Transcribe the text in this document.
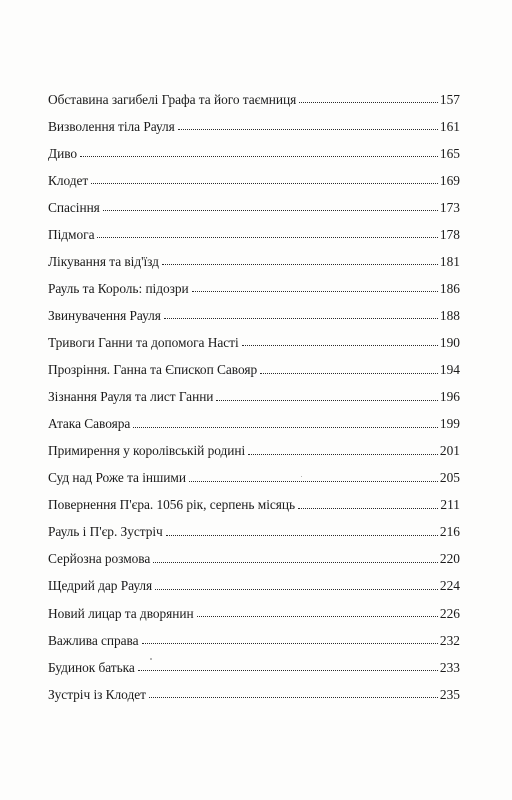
Обставина загибелі Графа та його таємниця	157
Визволення тіла Рауля	161
Диво	165
Клодет	169
Спасіння	173
Підмога	178
Лікування та від'їзд	181
Рауль та Король: підозри	186
Звинувачення Рауля	188
Тривоги Ганни та допомога Насті	190
Прозріння. Ганна та Єпископ Савояр	194
Зізнання Рауля та лист Ганни	196
Атака Савояра	199
Примирення у королівській родині	201
Суд над Роже та іншими	205
Повернення П'єра. 1056 рік, серпень місяць	211
Рауль і П'єр. Зустріч	216
Серйозна розмова	220
Щедрий дар Рауля	224
Новий лицар та дворянин	226
Важлива справа	232
Будинок батька	233
Зустріч із Клодет	235
